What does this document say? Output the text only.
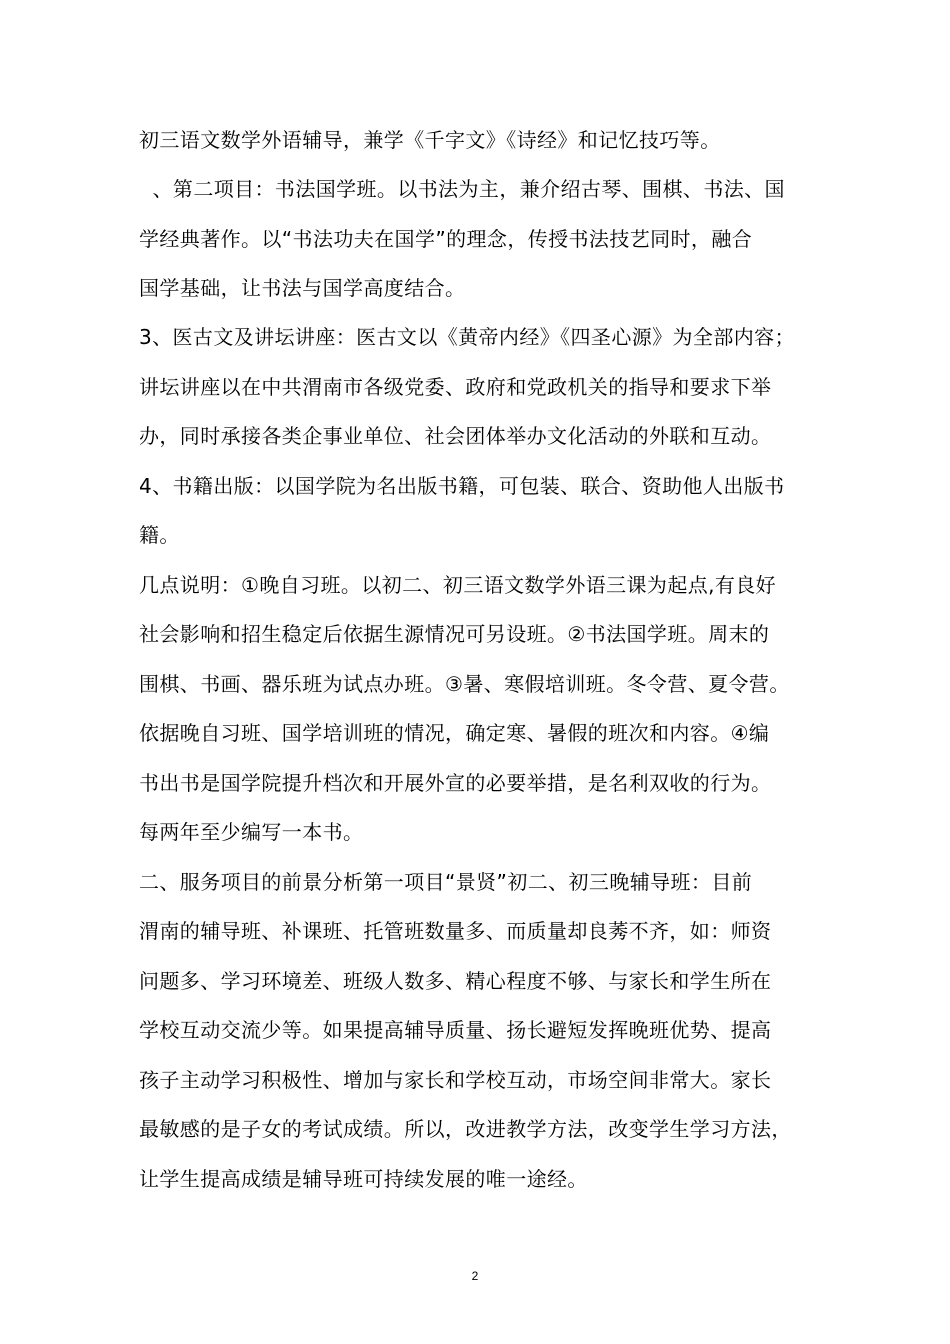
初三语文数学外语辅导，兼学《千字文》《诗经》和记忆技巧等。
、第二项目：书法国学班。以书法为主，兼介绍古琴、围棋、书法、国
学经典著作。以“书法功夫在国学”的理念，传授书法技艺同时，融合
国学基础，让书法与国学高度结合。
3、医古文及讲坛讲座：医古文以《黄帝内经》《四圣心源》为全部内容；
讲坛讲座以在中共渭南市各级党委、政府和党政机关的指导和要求下举
办，同时承接各类企事业单位、社会团体举办文化活动的外联和互动。
4、书籍出版：以国学院为名出版书籍，可包装、联合、资助他人出版书
籍。
几点说明：①晚自习班。以初二、初三语文数学外语三课为起点,有良好
社会影响和招生稳定后依据生源情况可另设班。②书法国学班。周末的
围棋、书画、器乐班为试点办班。③暑、寒假培训班。冬令营、夏令营。
依据晚自习班、国学培训班的情况，确定寒、暑假的班次和内容。④编
书出书是国学院提升档次和开展外宣的必要举措，是名利双收的行为。
每两年至少编写一本书。
二、服务项目的前景分析第一项目“景贤”初二、初三晚辅导班：目前
渭南的辅导班、补课班、托管班数量多、而质量却良莠不齐，如：师资
问题多、学习环境差、班级人数多、精心程度不够、与家长和学生所在
学校互动交流少等。如果提高辅导质量、扬长避短发挥晚班优势、提高
孩子主动学习积极性、增加与家长和学校互动，市场空间非常大。家长
最敏感的是子女的考试成绩。所以，改进教学方法，改变学生学习方法，
让学生提高成绩是辅导班可持续发展的唯一途经。
2
